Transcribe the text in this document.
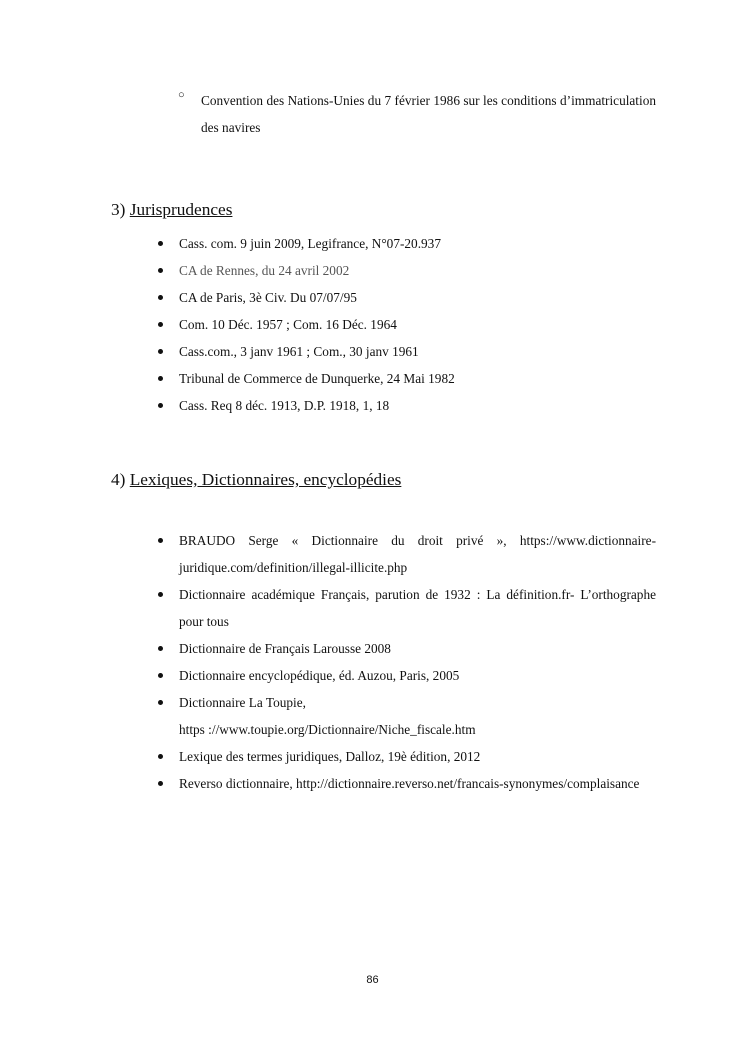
○ Convention des Nations-Unies du 7 février 1986 sur les conditions d’immatriculation des navires
3) Jurisprudences
Cass. com. 9 juin 2009, Legifrance, N°07-20.937
CA de Rennes, du 24 avril 2002
CA de Paris, 3è Civ. Du 07/07/95
Com. 10 Déc. 1957 ; Com. 16 Déc. 1964
Cass.com., 3 janv 1961 ; Com., 30 janv 1961
Tribunal de Commerce de Dunquerke, 24 Mai 1982
Cass. Req 8 déc. 1913, D.P. 1918, 1, 18
4) Lexiques, Dictionnaires, encyclopédies
BRAUDO Serge « Dictionnaire du droit privé », https://www.dictionnaire-juridique.com/definition/illegal-illicite.php
Dictionnaire académique Français, parution de 1932 : La définition.fr- L’orthographe pour tous
Dictionnaire de Français Larousse 2008
Dictionnaire encyclopédique, éd. Auzou, Paris, 2005
Dictionnaire La Toupie,
https ://www.toupie.org/Dictionnaire/Niche_fiscale.htm
Lexique des termes juridiques, Dalloz, 19è édition, 2012
Reverso dictionnaire, http://dictionnaire.reverso.net/francais-synonymes/complaisance
86
